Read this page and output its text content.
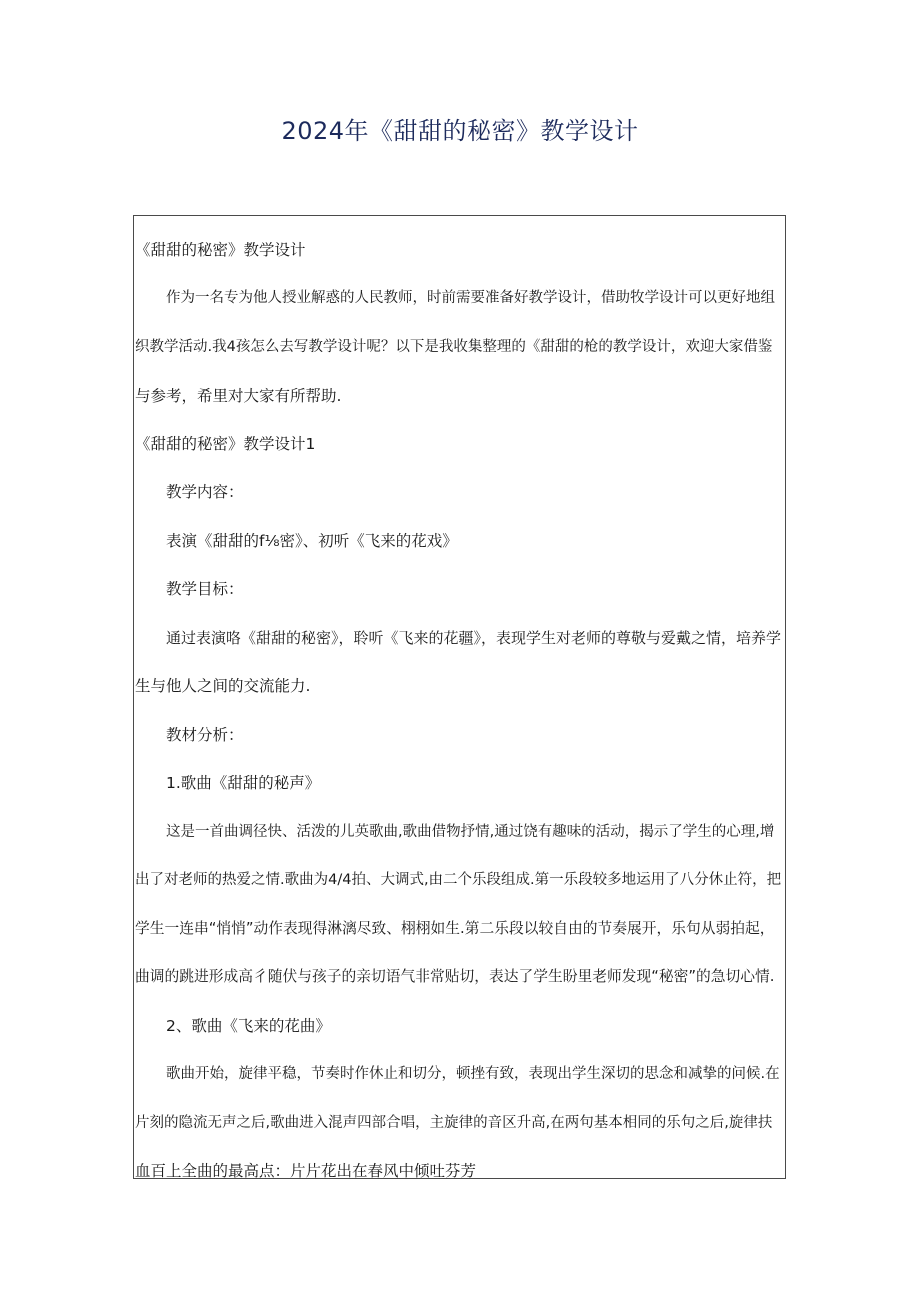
2024年《甜甜的秘密》教学设计
《甜甜的秘密》教学设计
作为一名专为他人授业解惑的人民教师，时前需要准备好教学设计，借助牧学设计可以更好地组
织教学活动.我4孩怎么去写教学设计呢？以下是我收集整理的《甜甜的枪的教学设计，欢迎大家借鉴
与参考，希里对大家有所帮助.
《甜甜的秘密》教学设计1
教学内容：
表演《甜甜的f⅛密》、初听《飞来的花戏》
教学目标：
通过表演咯《甜甜的秘密》，聆听《飞来的花疆》，表现学生对老师的尊敬与爱戴之情，培养学
生与他人之间的交流能力.
教材分析：
1.歌曲《甜甜的秘声》
这是一首曲调径快、活泼的儿英歌曲,歌曲借物抒情,通过饶有趣味的活动，揭示了学生的心理,增
出了对老师的热爱之情.歌曲为4/4拍、大调式,由二个乐段组成.第一乐段较多地运用了八分休止符，把
学生一连串“悄悄”动作表现得淋漓尽致、栩栩如生.第二乐段以较自由的节奏展开，乐句从弱拍起，
曲调的跳进形成高彳随伏与孩子的亲切语气非常贴切，表达了学生盼里老师发现“秘密”的急切心情.
2、歌曲《飞来的花曲》
歌曲开始，旋律平稳，节奏时作休止和切分，顿挫有致，表现出学生深切的思念和减挚的问候.在
片刻的隐流无声之后,歌曲进入混声四部合唱，主旋律的音区升高,在两句基本相同的乐句之后,旋律扶
血百上全曲的最高点：片片花出在春风中倾吐芬芳
